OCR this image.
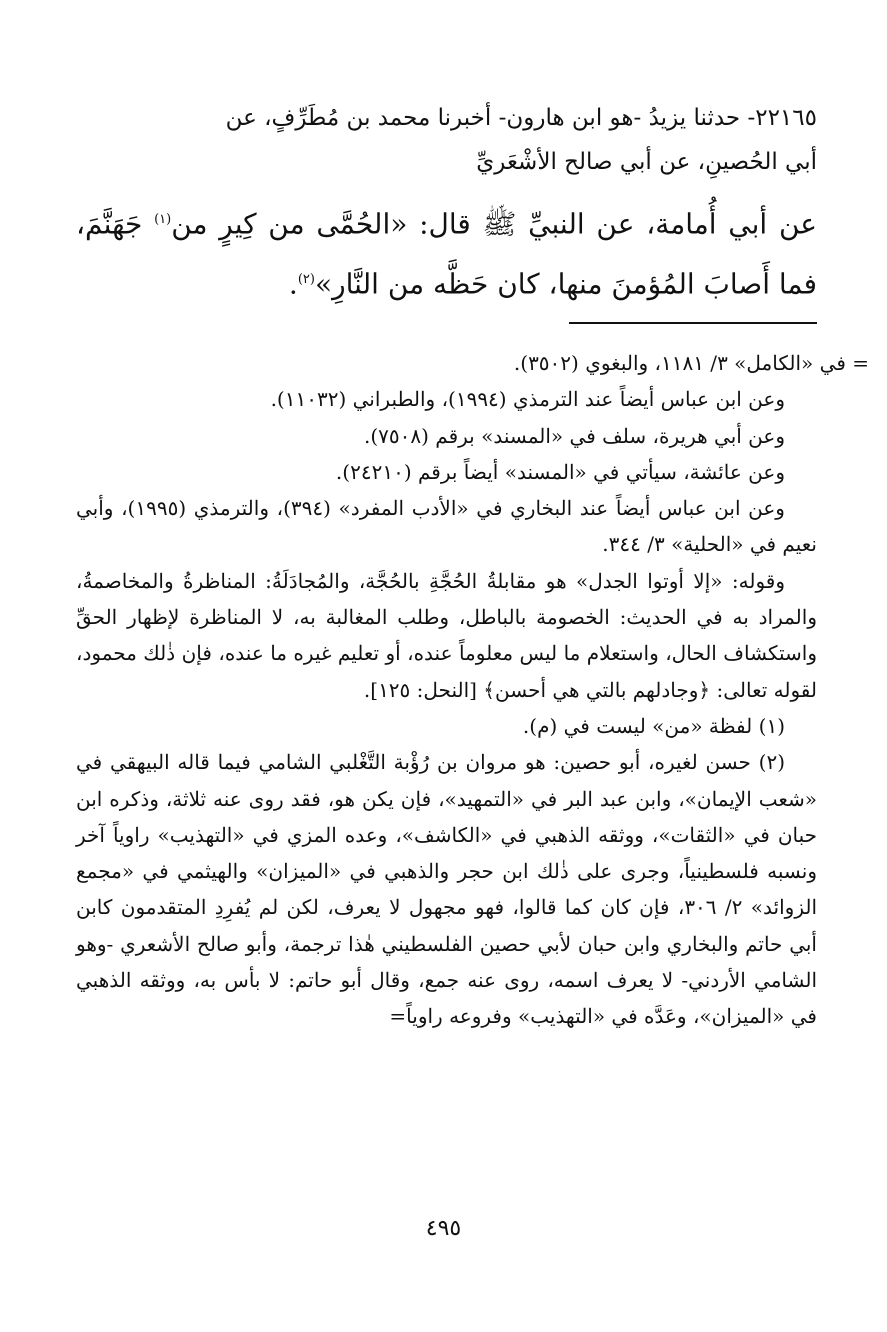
٢٢١٦٥- حدثنا يزيدُ -هو ابن هارون- أخبرنا محمد بن مُطَرِّفٍ، عن
أبي الحُصينِ، عن أبي صالح الأشْعَريِّ

عن أبي أُمامة، عن النبيِّ ﷺ قال: «الحُمَّى من كِيرٍ من$^{(١)}$ جَهَنَّمَ، فما أَصابَ المُؤمنَ منها، كان حَظَّه من النَّارِ»$^{(٢)}$.

= في «الكامل» ٣/ ١١٨١، والبغوي (٣٥٠٢).

وعن ابن عباس أيضاً عند الترمذي (١٩٩٤)، والطبراني (١١٠٣٢).

وعن أبي هريرة، سلف في «المسند» برقم (٧٥٠٨).

وعن عائشة، سيأتي في «المسند» أيضاً برقم (٢٤٢١٠).

وعن ابن عباس أيضاً عند البخاري في «الأدب المفرد» (٣٩٤)، والترمذي (١٩٩٥)، وأبي نعيم في «الحلية» ٣/ ٣٤٤.

وقوله: «إلا أوتوا الجدل» هو مقابلةُ الحُجَّةِ بالحُجَّة، والمُجادَلَةُ: المناظرةُ والمخاصمةُ، والمراد به في الحديث: الخصومة بالباطل، وطلب المغالبة به، لا المناظرة لإظهار الحقِّ واستكشاف الحال، واستعلام ما ليس معلوماً عنده، أو تعليم غيره ما عنده، فإن ذٰلك محمود، لقوله تعالى: ﴿وجادلهم بالتي هي أحسن﴾ [النحل: ١٢٥].

(١) لفظة «من» ليست في (م).

(٢) حسن لغيره، أبو حصين: هو مروان بن رُؤْبة التَّغْلبي الشامي فيما قاله البيهقي في «شعب الإيمان»، وابن عبد البر في «التمهيد»، فإن يكن هو، فقد روى عنه ثلاثة، وذكره ابن حبان في «الثقات»، ووثقه الذهبي في «الكاشف»، وعده المزي في «التهذيب» راوياً آخر ونسبه فلسطينياً، وجرى على ذٰلك ابن حجر والذهبي في «الميزان» والهيثمي في «مجمع الزوائد» ٢/ ٣٠٦، فإن كان كما قالوا، فهو مجهول لا يعرف، لكن لم يُفرِدِ المتقدمون كابن أبي حاتم والبخاري وابن حبان لأبي حصين الفلسطيني هٰذا ترجمة، وأبو صالح الأشعري -وهو الشامي الأردني- لا يعرف اسمه، روى عنه جمع، وقال أبو حاتم: لا بأس به، ووثقه الذهبي في «الميزان»، وعَدَّه في «التهذيب» وفروعه راوياً=

٤٩٥
